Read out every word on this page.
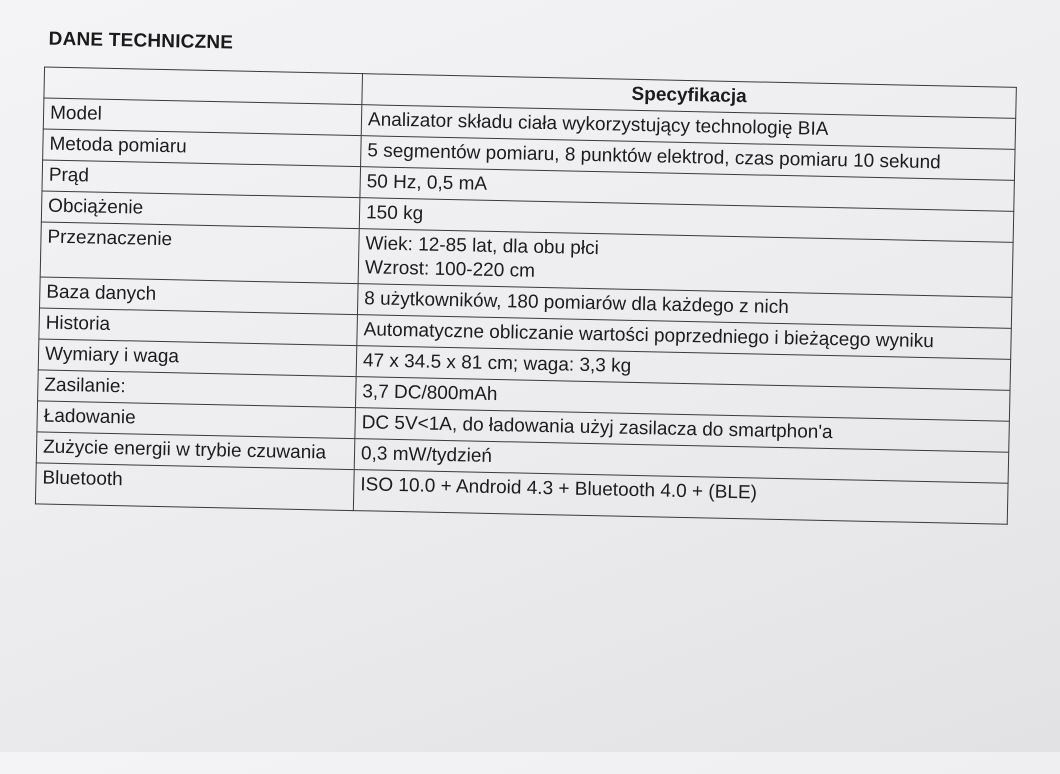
DANE TECHNICZNE
	Specyfikacja
Model	Analizator składu ciała wykorzystujący technologię BIA
Metoda pomiaru	5 segmentów pomiaru, 8 punktów elektrod, czas pomiaru 10 sekund
Prąd	50 Hz, 0,5 mA
Obciążenie	150 kg
Przeznaczenie	Wiek: 12-85 lat, dla obu płci
Wzrost: 100-220 cm
Baza danych	8 użytkowników, 180 pomiarów dla każdego z nich
Historia	Automatyczne obliczanie wartości poprzedniego i bieżącego wyniku
Wymiary i waga	47 x 34.5 x 81 cm; waga: 3,3 kg
Zasilanie:	3,7 DC/800mAh
Ładowanie	DC 5V<1A, do ładowania użyj zasilacza do smartphon'a
Zużycie energii w trybie czuwania	0,3 mW/tydzień
Bluetooth	ISO 10.0 + Android 4.3 + Bluetooth 4.0 + (BLE)
